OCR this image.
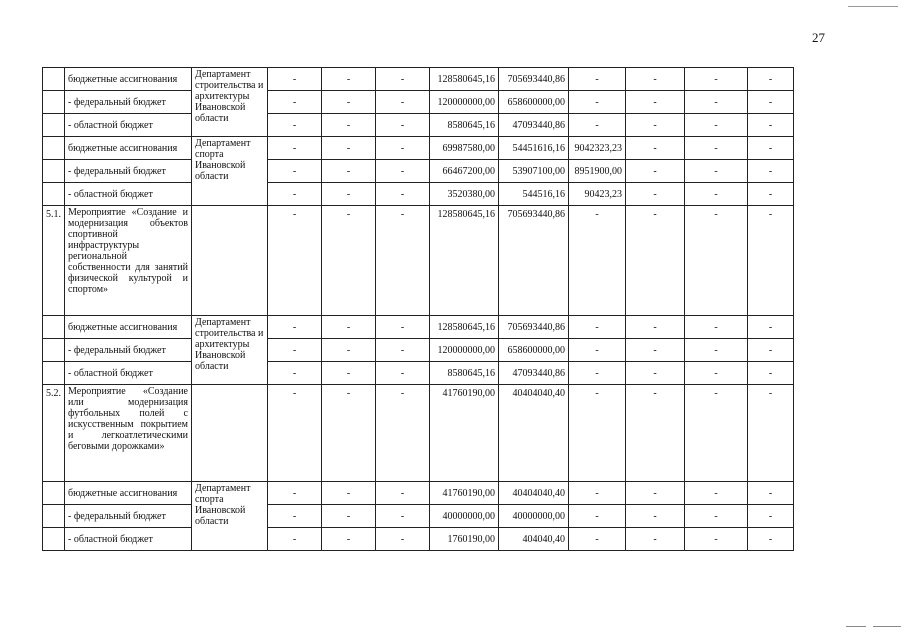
27
	бюджетные ассигнования	Департамент строительства и архитектуры Ивановской области	-	-	-	128580645,16	705693440,86	-	-	-	-
	- федеральный бюджет		-	-	-	120000000,00	658600000,00	-	-	-	-
	- областной бюджет		-	-	-	8580645,16	47093440,86	-	-	-	-
	бюджетные ассигнования	Департамент спорта Ивановской области	-	-	-	69987580,00	54451616,16	9042323,23	-	-	-
	- федеральный бюджет		-	-	-	66467200,00	53907100,00	8951900,00	-	-	-
	- областной бюджет		-	-	-	3520380,00	544516,16	90423,23	-	-	-
5.1.	Мероприятие «Создание и модернизация объектов спортивной инфраструктуры региональной собственности для занятий физической культурой и спортом»		-	-	-	128580645,16	705693440,86	-	-	-	-
	бюджетные ассигнования	Департамент строительства и архитектуры Ивановской области	-	-	-	128580645,16	705693440,86	-	-	-	-
	- федеральный бюджет		-	-	-	120000000,00	658600000,00	-	-	-	-
	- областной бюджет		-	-	-	8580645,16	47093440,86	-	-	-	-
5.2.	Мероприятие «Создание или модернизация футбольных полей с искусственным покрытием и легкоатлетическими беговыми дорожками»		-	-	-	41760190,00	40404040,40	-	-	-	-
	бюджетные ассигнования	Департамент спорта Ивановской области	-	-	-	41760190,00	40404040,40	-	-	-	-
	- федеральный бюджет		-	-	-	40000000,00	40000000,00	-	-	-	-
	- областной бюджет		-	-	-	1760190,00	404040,40	-	-	-	-
